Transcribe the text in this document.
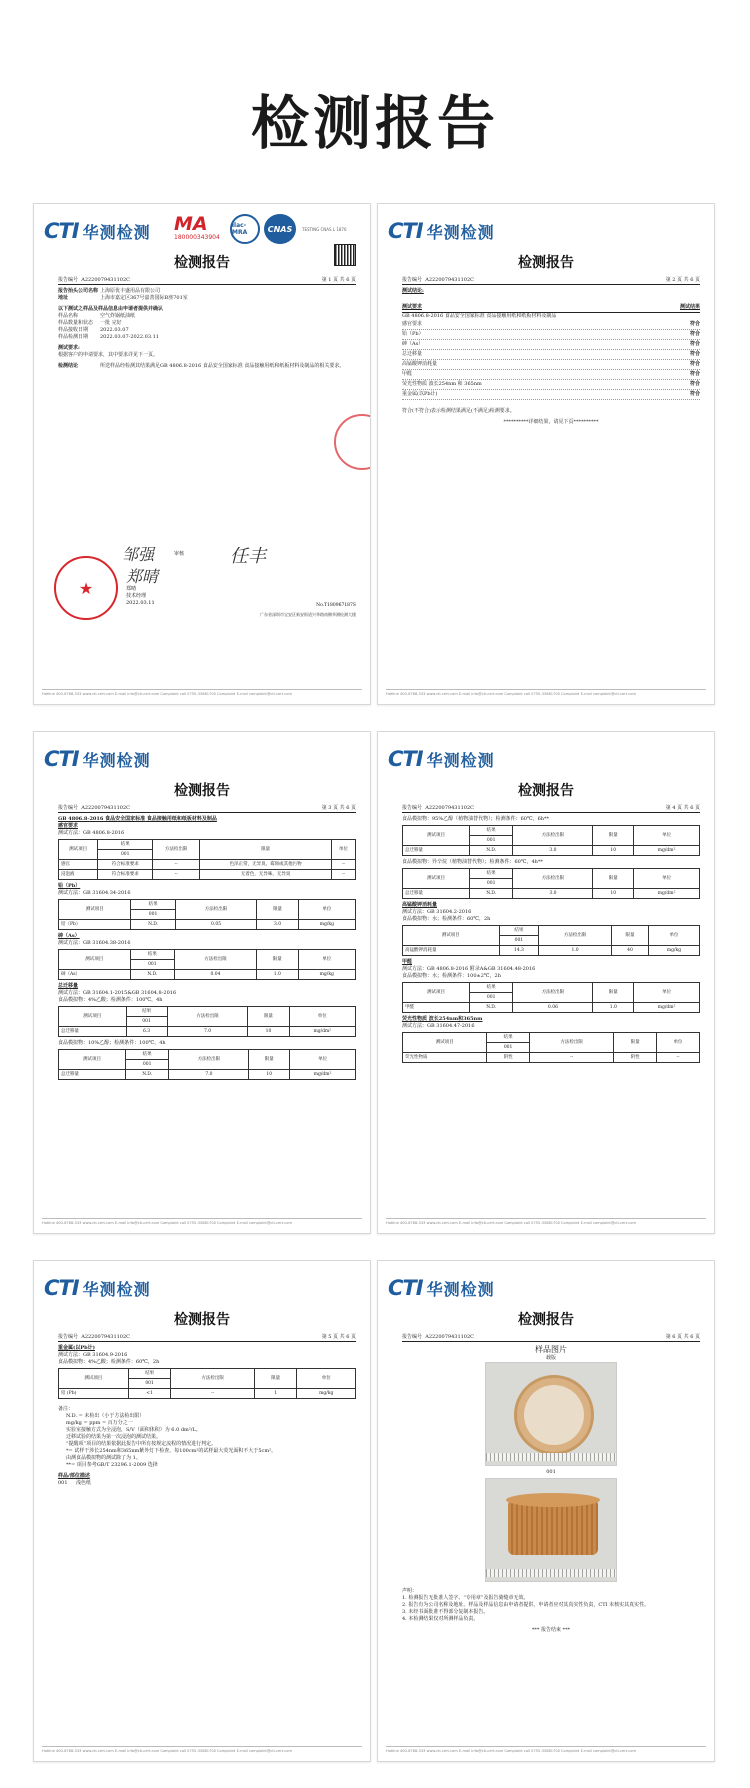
检测报告
CTI 华测检测 MA
180000343904
ilac-MRA	CNAS	TESTING CNAS L 1876
检测报告
报告编号 A2220079431102C	第 1 页 共 6 页
报告抬头公司名称 上海原优丰盛用品有限公司
地址	上海市嘉定区367号嘉善国际B座701室
以下测试之样品及样品信息由申请者提供并确认
样品名称	空气炸锅纸油纸
样品数量和状态	一批 完好
样品接收日期	2022.03.07
样品检测日期	2022.03.07-2022.03.11
测试要求:
根据客户的申请要求，其中要求详见下一页。
检测结论	所送样品经检测其结果满足GB 4806.8-2016 食品安全国家标准 食品接触用纸和纸板材料及制品的相关要求。
邹强	审核	任丰
郑晴
★	郑晴
技术经理
2022.03.11	No.T180967187S
广东省深圳市宝安区新安街道兴华路南侧华测检测大楼
Hotline 400-6788-333 www.cti-cert.com E-mail info@cti-cert.com Complaint call 0755-33681700 Complaint E-mail complaint@cti-cert.com
CTI 华测检测
检测报告
报告编号 A2220079431102C	第 2 页 共 6 页
测试结论:
测试要求	测试结果
GB 4806.8-2016 食品安全国家标准 食品接触用纸和纸板材料及制品
感官要求	符合
铅（Pb）	符合
砷（As）	符合
总迁移量	符合
高锰酸钾消耗量	符合
甲醛	符合
荧光性物质 波长254nm 和 365nm	符合
重金属(以Pb计)	符合
符合(不符合)表示检测结果满足(不满足)检测要求。
**********详细结果，请见下页**********
Hotline 400-6788-333 www.cti-cert.com E-mail info@cti-cert.com Complaint call 0755-33681700 Complaint E-mail complaint@cti-cert.com
CTI 华测检测
检测报告
报告编号 A2220079431102C	第 3 页 共 6 页
GB 4806.8-2016 食品安全国家标准 食品接触用纸和纸板材料及制品
感官要求
测试方法：GB 4806.8-2016
测试项目	结果	方法检出限	限量	单位
	001			
感官	符合标准要求	--	色泽正常，无异臭、霉斑或其他污物	--
浸泡液	符合标准要求	--	无着色，无异味，无异臭	--
铅（Pb）
测试方法：GB 31604.34-2016
测试项目	结果	方法检出限	限量	单位
	001			
铅（Pb）	N.D.	0.05	3.0	mg/kg
砷（As）
测试方法：GB 31604.38-2016
测试项目	结果	方法检出限	限量	单位
	001			
砷（As）	N.D.	0.04	1.0	mg/kg
总迁移量
测试方法：GB 31604.1-2015&GB 31604.8-2016
食品模拟物：4%乙酸；检测条件：100℃，4h
测试项目	结果	方法检出限	限量	单位
	001			
总迁移量	6.3	7.0	10	mg/dm²
食品模拟物：10%乙醇；检测条件：100℃，4h
测试项目	结果	方法检出限	限量	单位
	001			
总迁移量	N.D.	7.0	10	mg/dm²
Hotline 400-6788-333 www.cti-cert.com E-mail info@cti-cert.com Complaint call 0755-33681700 Complaint E-mail complaint@cti-cert.com
CTI 华测检测
检测报告
报告编号 A2220079431102C	第 4 页 共 6 页
食品模拟物：95%乙醇（植物油替代物）；检测条件：60℃，6h**
测试项目	结果	方法检出限	限量	单位
	001			
总迁移量	N.D.	3.0	10	mg/dm²
食品模拟物：异辛烷（植物油替代物）；检测条件：60℃，4h**
测试项目	结果	方法检出限	限量	单位
	001			
总迁移量	N.D.	3.0	10	mg/dm²
高锰酸钾消耗量
测试方法：GB 31604.2-2016
食品模拟物：水；检测条件：60℃，2h
测试项目	结果	方法检出限	限量	单位
	001			
高锰酸钾消耗量	14.3	1.0	40	mg/kg
甲醛
测试方法：GB 4806.8-2016 附录A&GB 31604.48-2016
食品模拟物：水；检测条件：100±2℃，2h
测试项目	结果	方法检出限	限量	单位
	001			
甲醛	N.D.	0.06	1.0	mg/dm²
荧光性物质 波长254nm和365nm
测试方法：GB 31604.47-2016
测试项目	结果	方法检出限	限量	单位
	001			
荧光性物质	阴性	--	阴性	--
Hotline 400-6788-333 www.cti-cert.com E-mail info@cti-cert.com Complaint call 0755-33681700 Complaint E-mail complaint@cti-cert.com
CTI 华测检测
检测报告
报告编号 A2220079431102C	第 5 页 共 6 页
重金属(以Pb计)
测试方法：GB 31604.9-2016
食品模拟物：4%乙酸；检测条件：60℃，2h
测试项目	结果	方法检出限	限量	单位
	001			
铅 (Pb)	<1	--	1	mg/kg
备注：
N.D. = 未检出（小于方法检出限）
mg/kg = ppm = 百万分之一
实验室接触方式为全浸泡，S/V（面积体积）为 6.0 dm²/L。
迁移试验的结果为第一次浸泡的测试结果。
“提醒项”项目的结果依据此报告中所有按规定流程的情况进行判定。
*= 试样干涉长254nm和365nm紫外灯下检查，每100cm²的试样最大荧光面积不大于5cm²。
由测食品模拟物的测试除了为 1。
**= 项目参考GB/T 23296.1-2009 选择
样品/部位描述
001	浅色纸
Hotline 400-6788-333 www.cti-cert.com E-mail info@cti-cert.com Complaint call 0755-33681700 Complaint E-mail complaint@cti-cert.com
CTI 华测检测
检测报告
报告编号 A2220079431102C	第 6 页 共 6 页
样品图片
载版
001
声明：
1. 检测报告无批准人签字、“专用章”及报告骑缝章无效。
2. 报告有为公司名称及地址、样品及样品信息由申请者提供，申请者应对其真实性负责，CTI 未核实其真实性。
3. 未经书面批准不得部分复制本报告。
4. 本检测结果仅对所测样品负责。
*** 报告结束 ***
Hotline 400-6788-333 www.cti-cert.com E-mail info@cti-cert.com Complaint call 0755-33681700 Complaint E-mail complaint@cti-cert.com
